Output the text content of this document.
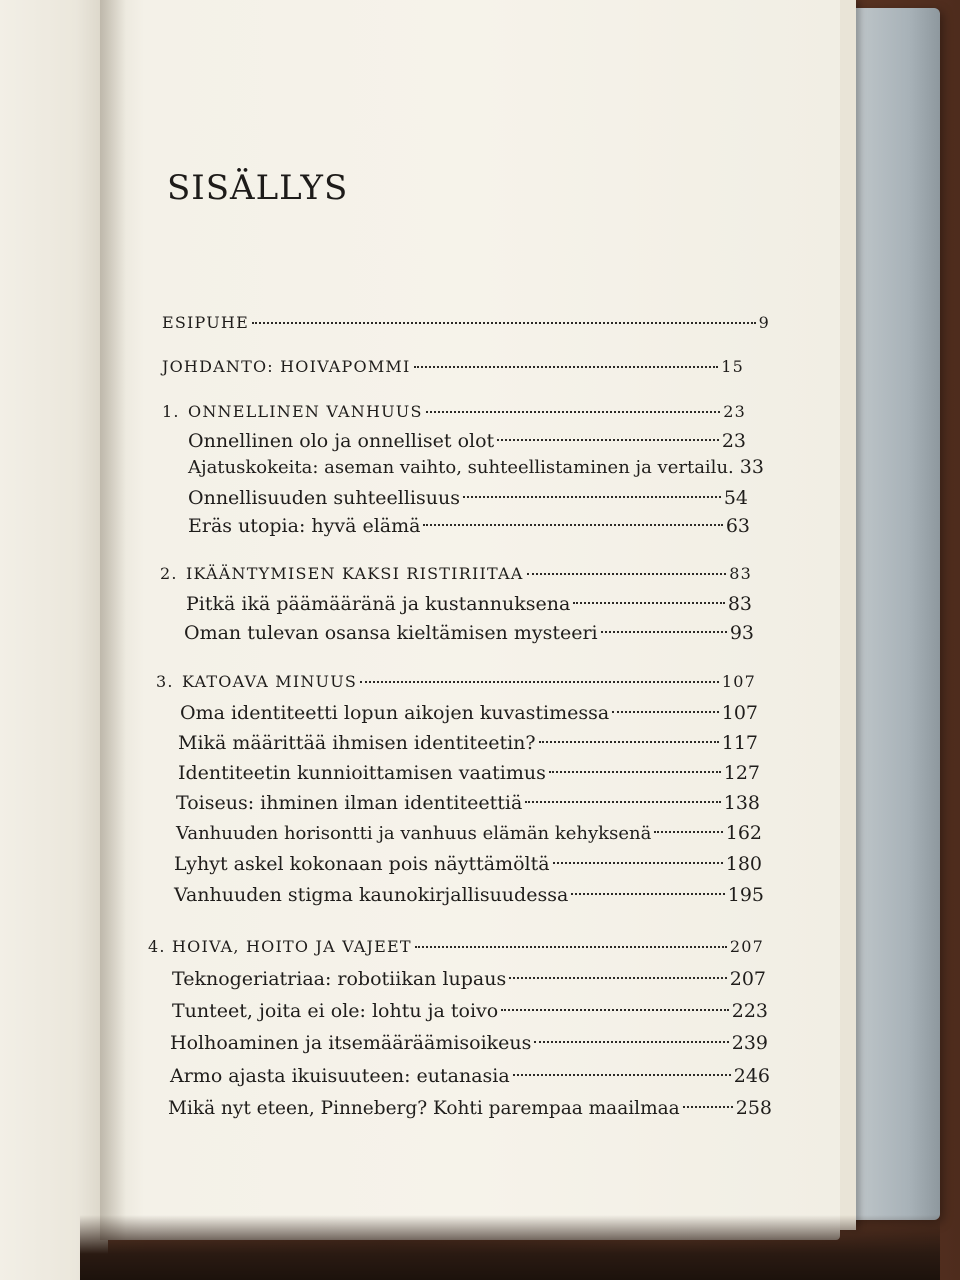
SISÄLLYS
ESIPUHE	9
JOHDANTO: HOIVAPOMMI	15
1. ONNELLINEN VANHUUS	23
Onnellinen olo ja onnelliset olot	23
Ajatuskokeita: aseman vaihto, suhteellistaminen ja vertailu. 33
Onnellisuuden suhteellisuus	54
Eräs utopia: hyvä elämä	63
2. IKÄÄNTYMISEN KAKSI RISTIRIITAA	83
Pitkä ikä päämääränä ja kustannuksena	83
Oman tulevan osansa kieltämisen mysteeri	93
3. KATOAVA MINUUS	107
Oma identiteetti lopun aikojen kuvastimessa	107
Mikä määrittää ihmisen identiteetin?	117
Identiteetin kunnioittamisen vaatimus	127
Toiseus: ihminen ilman identiteettiä	138
Vanhuuden horisontti ja vanhuus elämän kehyksenä	162
Lyhyt askel kokonaan pois näyttämöltä	180
Vanhuuden stigma kaunokirjallisuudessa	195
4. HOIVA, HOITO JA VAJEET	207
Teknogeriatriaa: robotiikan lupaus	207
Tunteet, joita ei ole: lohtu ja toivo	223
Holhoaminen ja itsemääräämisoikeus	239
Armo ajasta ikuisuuteen: eutanasia	246
Mikä nyt eteen, Pinneberg? Kohti parempaa maailmaa	258
